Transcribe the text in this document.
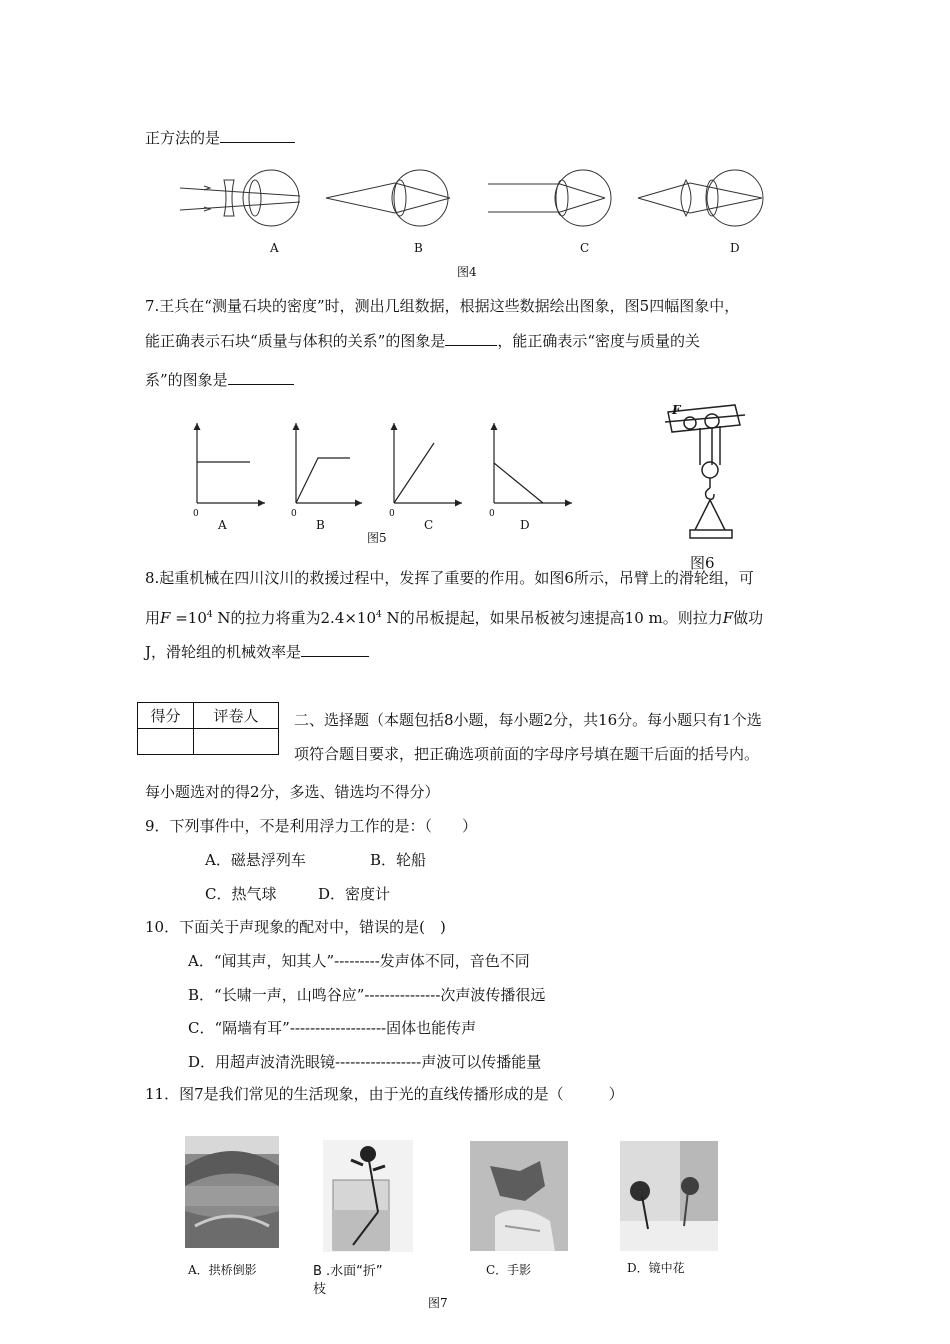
正方法的是
A	B	C	D
图4
7.王兵在“测量石块的密度”时，测出几组数据，根据这些数据绘出图象，图5四幅图象中，
能正确表示石块“质量与体积的关系”的图象是	，能正确表示“密度与质量的关
系”的图象是
0	0	0	0
A	B	C	D
图5
F
图6
8.起重机械在四川汶川的救援过程中，发挥了重要的作用。如图6所示，吊臂上的滑轮组，可
用$F =10^4$ N的拉力将重为$2.4\times 10^4$ N的吊板提起，如果吊板被匀速提高10 m。则拉力F做功
J，滑轮组的机械效率是
得分	评卷人
	二、选择题（本题包括8小题，每小题2分，共16分。每小题只有1个选
项符合题目要求，把正确选项前面的字母序号填在题干后面的括号内。
每小题选对的得2分，多选、错选均不得分）
9．下列事件中，不是利用浮力工作的是：（　　）
A．磁悬浮列车	B．轮船
C．热气球	D．密度计
10．下面关于声现象的配对中，错误的是(　)
A．“闻其声，知其人”---------发声体不同，音色不同
B．“长啸一声，山鸣谷应”---------------次声波传播很远
C．“隔墙有耳”-------------------固体也能传声
D．用超声波清洗眼镜-----------------声波可以传播能量
11．图7是我们常见的生活现象，由于光的直线传播形成的是（　　　）
A．拱桥倒影	B .水面“折”
枝
C．手影	D．镜中花
图7
